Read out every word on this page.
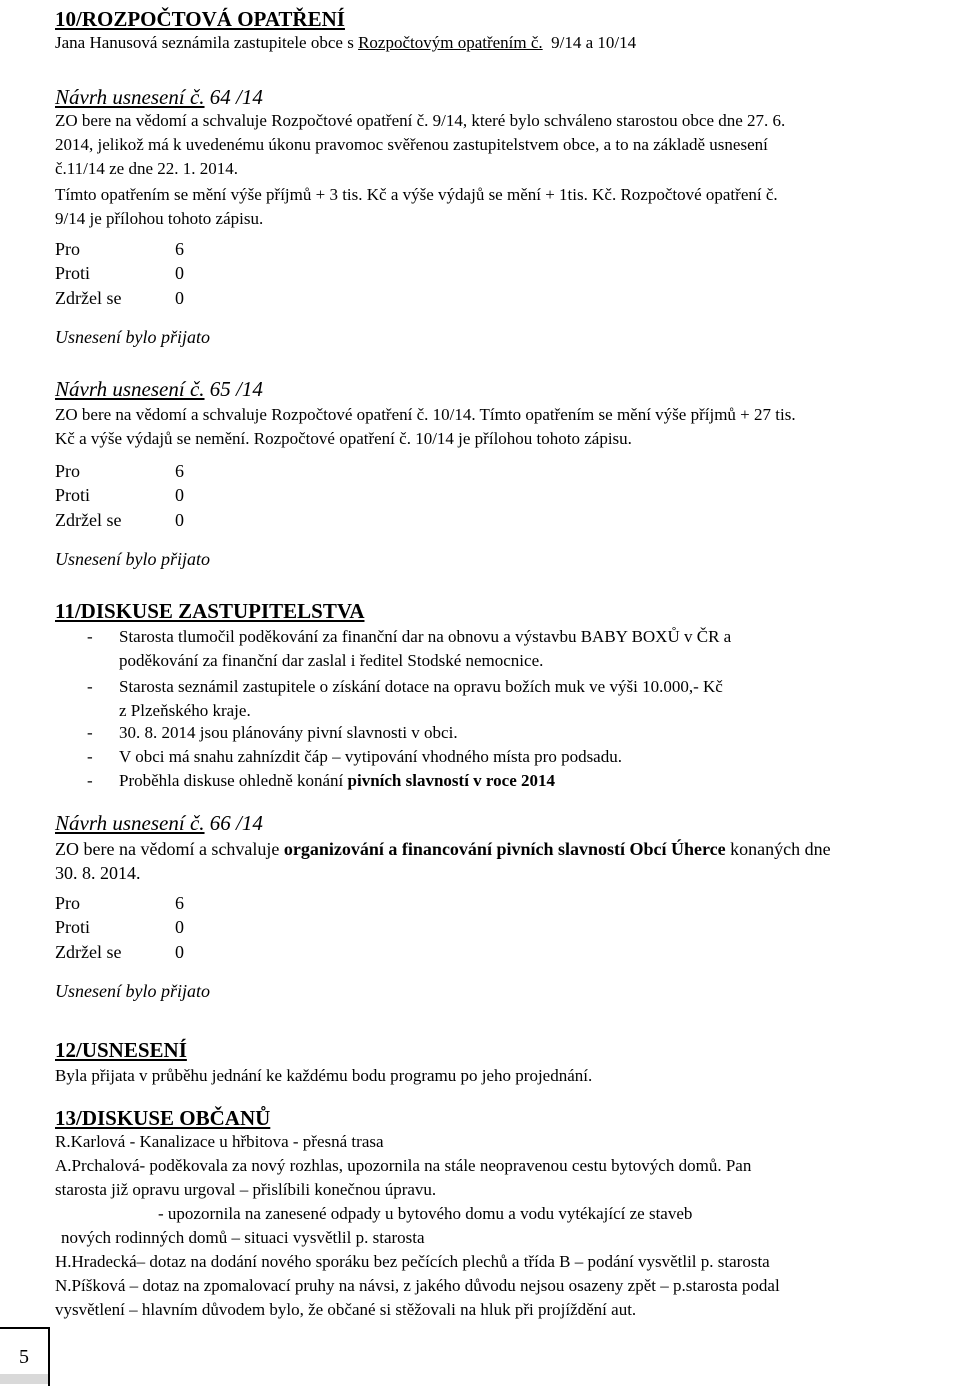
10/ROZPOČTOVÁ OPATŘENÍ
Jana Hanusová seznámila zastupitele obce s Rozpočtovým opatřením č.  9/14 a 10/14
Návrh usnesení č. 64 /14
ZO bere na vědomí a schvaluje Rozpočtové opatření č. 9/14, které bylo schváleno starostou obce dne 27. 6.
2014, jelikož má k uvedenému úkonu pravomoc svěřenou zastupitelstvem obce, a to na základě usnesení
č.11/14 ze dne 22. 1. 2014.
Tímto opatřením se mění výše příjmů + 3 tis. Kč a výše výdajů se mění + 1tis. Kč. Rozpočtové opatření č.
9/14 je přílohou tohoto zápisu.
Pro	6
Proti	0
Zdržel se	0
Usnesení bylo přijato
Návrh usnesení č. 65 /14
ZO bere na vědomí a schvaluje Rozpočtové opatření č. 10/14. Tímto opatřením se mění výše příjmů + 27 tis.
Kč a výše výdajů se nemění. Rozpočtové opatření č. 10/14 je přílohou tohoto zápisu.
Pro	6
Proti	0
Zdržel se	0
Usnesení bylo přijato
11/DISKUSE ZASTUPITELSTVA
- Starosta tlumočil poděkování za finanční dar na obnovu a výstavbu BABY BOXŮ v ČR a
poděkování za finanční dar zaslal i ředitel Stodské nemocnice.
- Starosta seznámil zastupitele o získání dotace na opravu božích muk ve výši 10.000,- Kč
z Plzeňského kraje.
- 30. 8. 2014 jsou plánovány pivní slavnosti v obci.
- V obci má snahu zahnízdit čáp – vytipování vhodného místa pro podsadu.
- Proběhla diskuse ohledně konání pivních slavností v roce 2014
Návrh usnesení č. 66 /14
ZO bere na vědomí a schvaluje organizování a financování pivních slavností Obcí Úherce konaných dne
30. 8. 2014.
Pro	6
Proti	0
Zdržel se	0
Usnesení bylo přijato
12/USNESENÍ
Byla přijata v průběhu jednání ke každému bodu programu po jeho projednání.
13/DISKUSE OBČANŮ
R.Karlová - Kanalizace u hřbitova - přesná trasa
A.Prchalová- poděkovala za nový rozhlas, upozornila na stále neopravenou cestu bytových domů. Pan
starosta již opravu urgoval – přislíbili konečnou úpravu.
- upozornila na zanesené odpady u bytového domu a vodu vytékající ze staveb
nových rodinných domů – situaci vysvětlil p. starosta
H.Hradecká– dotaz na dodání nového sporáku bez pečících plechů a třída B – podání vysvětlil p. starosta
N.Píšková – dotaz na zpomalovací pruhy na návsi, z jakého důvodu nejsou osazeny zpět – p.starosta podal
vysvětlení – hlavním důvodem bylo, že občané si stěžovali na hluk při projíždění aut.
5
